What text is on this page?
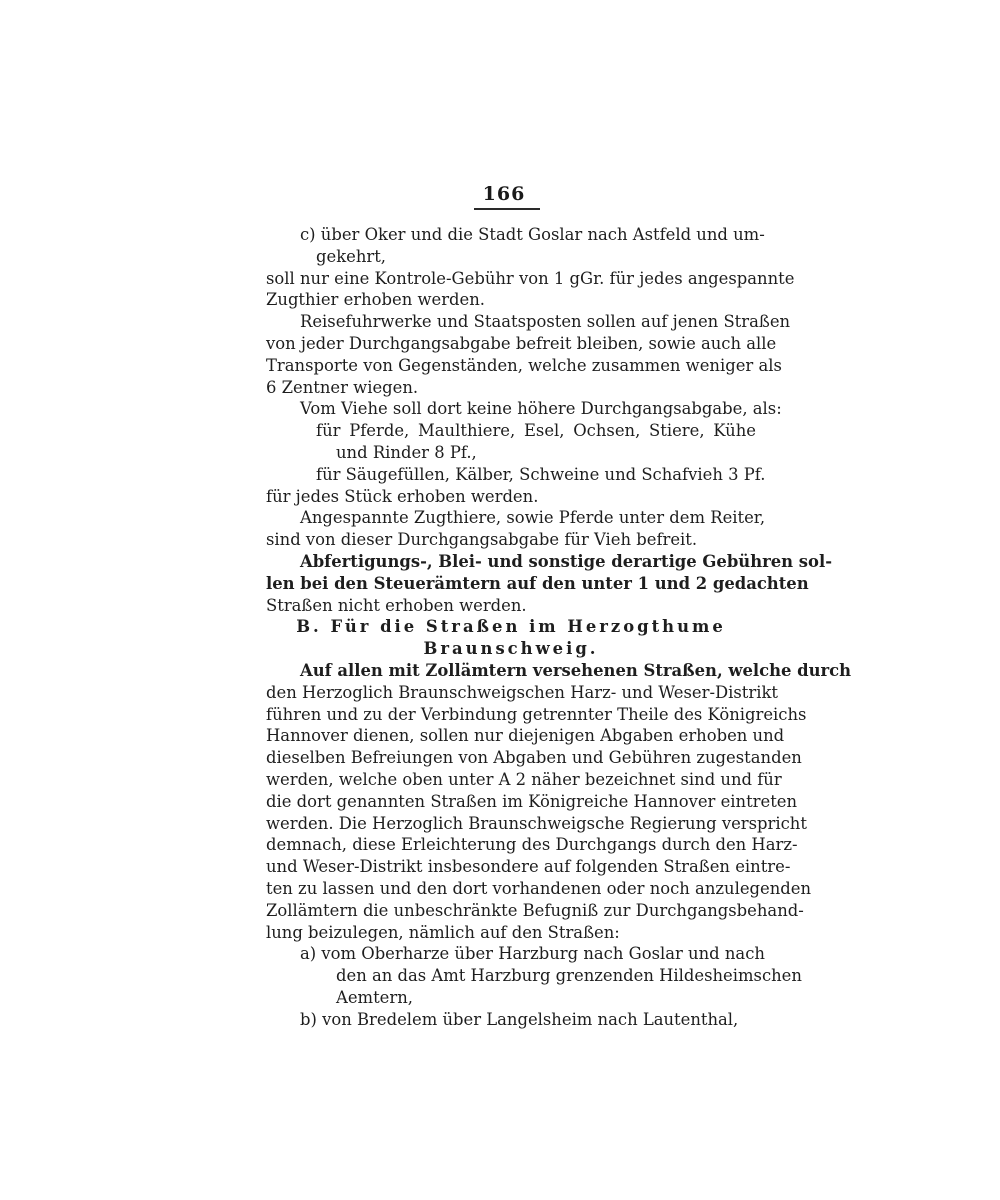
166
c) über Oker und die Stadt Goslar nach Astfeld und um-
gekehrt,
soll nur eine Kontrole-Gebühr von 1 gGr. für jedes angespannte
Zugthier erhoben werden.
Reisefuhrwerke und Staatsposten sollen auf jenen Straßen
von jeder Durchgangsabgabe befreit bleiben, sowie auch alle
Transporte von Gegenständen, welche zusammen weniger als
6 Zentner wiegen.
Vom Viehe soll dort keine höhere Durchgangsabgabe, als:
für Pferde, Maulthiere, Esel, Ochsen, Stiere, Kühe
und Rinder 8 Pf.,
für Säugefüllen, Kälber, Schweine und Schafvieh 3 Pf.
für jedes Stück erhoben werden.
Angespannte Zugthiere, sowie Pferde unter dem Reiter,
sind von dieser Durchgangsabgabe für Vieh befreit.
Abfertigungs-, Blei- und sonstige derartige Gebühren sol-
len bei den Steuerämtern auf den unter 1 und 2 gedachten
Straßen nicht erhoben werden.
B. Für die Straßen im Herzogthume
Braunschweig.
Auf allen mit Zollämtern versehenen Straßen, welche durch
den Herzoglich Braunschweigschen Harz- und Weser-Distrikt
führen und zu der Verbindung getrennter Theile des Königreichs
Hannover dienen, sollen nur diejenigen Abgaben erhoben und
dieselben Befreiungen von Abgaben und Gebühren zugestanden
werden, welche oben unter A 2 näher bezeichnet sind und für
die dort genannten Straßen im Königreiche Hannover eintreten
werden. Die Herzoglich Braunschweigsche Regierung verspricht
demnach, diese Erleichterung des Durchgangs durch den Harz-
und Weser-Distrikt insbesondere auf folgenden Straßen eintre-
ten zu lassen und den dort vorhandenen oder noch anzulegenden
Zollämtern die unbeschränkte Befugniß zur Durchgangsbehand-
lung beizulegen, nämlich auf den Straßen:
a) vom Oberharze über Harzburg nach Goslar und nach
den an das Amt Harzburg grenzenden Hildesheimschen
Aemtern,
b) von Bredelem über Langelsheim nach Lautenthal,
